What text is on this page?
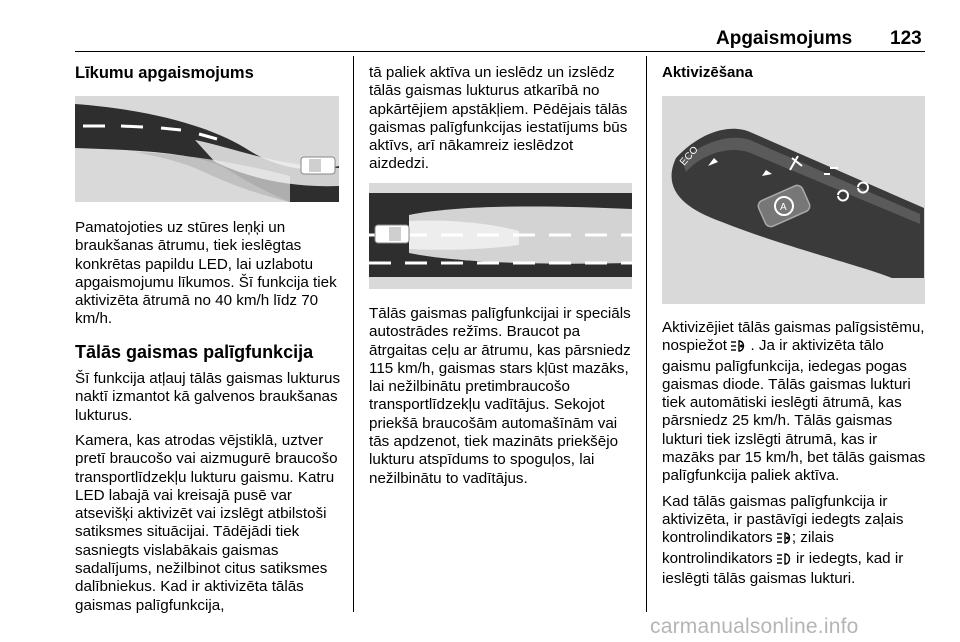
Apgaismojums 123
Līkumu apgaismojums

Pamatojoties uz stūres leņķi un braukšanas ātrumu, tiek ieslēgtas konkrētas papildu LED, lai uzlabotu apgaismojumu līkumos. Šī funkcija tiek aktivizēta ātrumā no 40 km/h līdz 70 km/h.

Tālās gaismas palīgfunkcija

Šī funkcija atļauj tālās gaismas lukturus naktī izmantot kā galvenos braukšanas lukturus.

Kamera, kas atrodas vējstiklā, uztver pretī braucošo vai aizmugurē braucošo transportlīdzekļu lukturu gaismu. Katru LED labajā vai kreisajā pusē var atsevišķi aktivizēt vai izslēgt atbilstoši satiksmes situācijai. Tādējādi tiek sasniegts vislabākais gaismas sadalījums, nežilbinot citus satiksmes dalībniekus. Kad ir aktivizēta tālās gaismas palīgfunkcija,

tā paliek aktīva un ieslēdz un izslēdz tālās gaismas lukturus atkarībā no apkārtējiem apstākļiem. Pēdējais tālās gaismas palīgfunkcijas iestatījums būs aktīvs, arī nākamreiz ieslēdzot aizdedzi.

Tālās gaismas palīgfunkcijai ir speciāls autostrādes režīms. Braucot pa ātrgaitas ceļu ar ātrumu, kas pārsniedz 115 km/h, gaismas stars kļūst mazāks, lai nežilbinātu pretimbraucošo transportlīdzekļu vadītājus. Sekojot priekšā braucošām automašīnām vai tās apdzenot, tiek mazināts priekšējo lukturu atspīdums to spoguļos, lai nežilbinātu to vadītājus.

Aktivizēšana
ECO
A

Aktivizējiet tālās gaismas palīgsistēmu, nospiežot . Ja ir aktivizēta tālo gaismu palīgfunkcija, iedegas pogas gaismas diode. Tālās gaismas lukturi tiek automātiski ieslēgti ātrumā, kas pārsniedz 25 km/h. Tālās gaismas lukturi tiek izslēgti ātrumā, kas ir mazāks par 15 km/h, bet tālās gaismas palīgfunkcija paliek aktīva.

Kad tālās gaismas palīgfunkcija ir aktivizēta, ir pastāvīgi iedegts zaļais kontrolindikators ; zilais kontrolindikators  ir iedegts, kad ir ieslēgti tālās gaismas lukturi.

carmanualsonline.info
